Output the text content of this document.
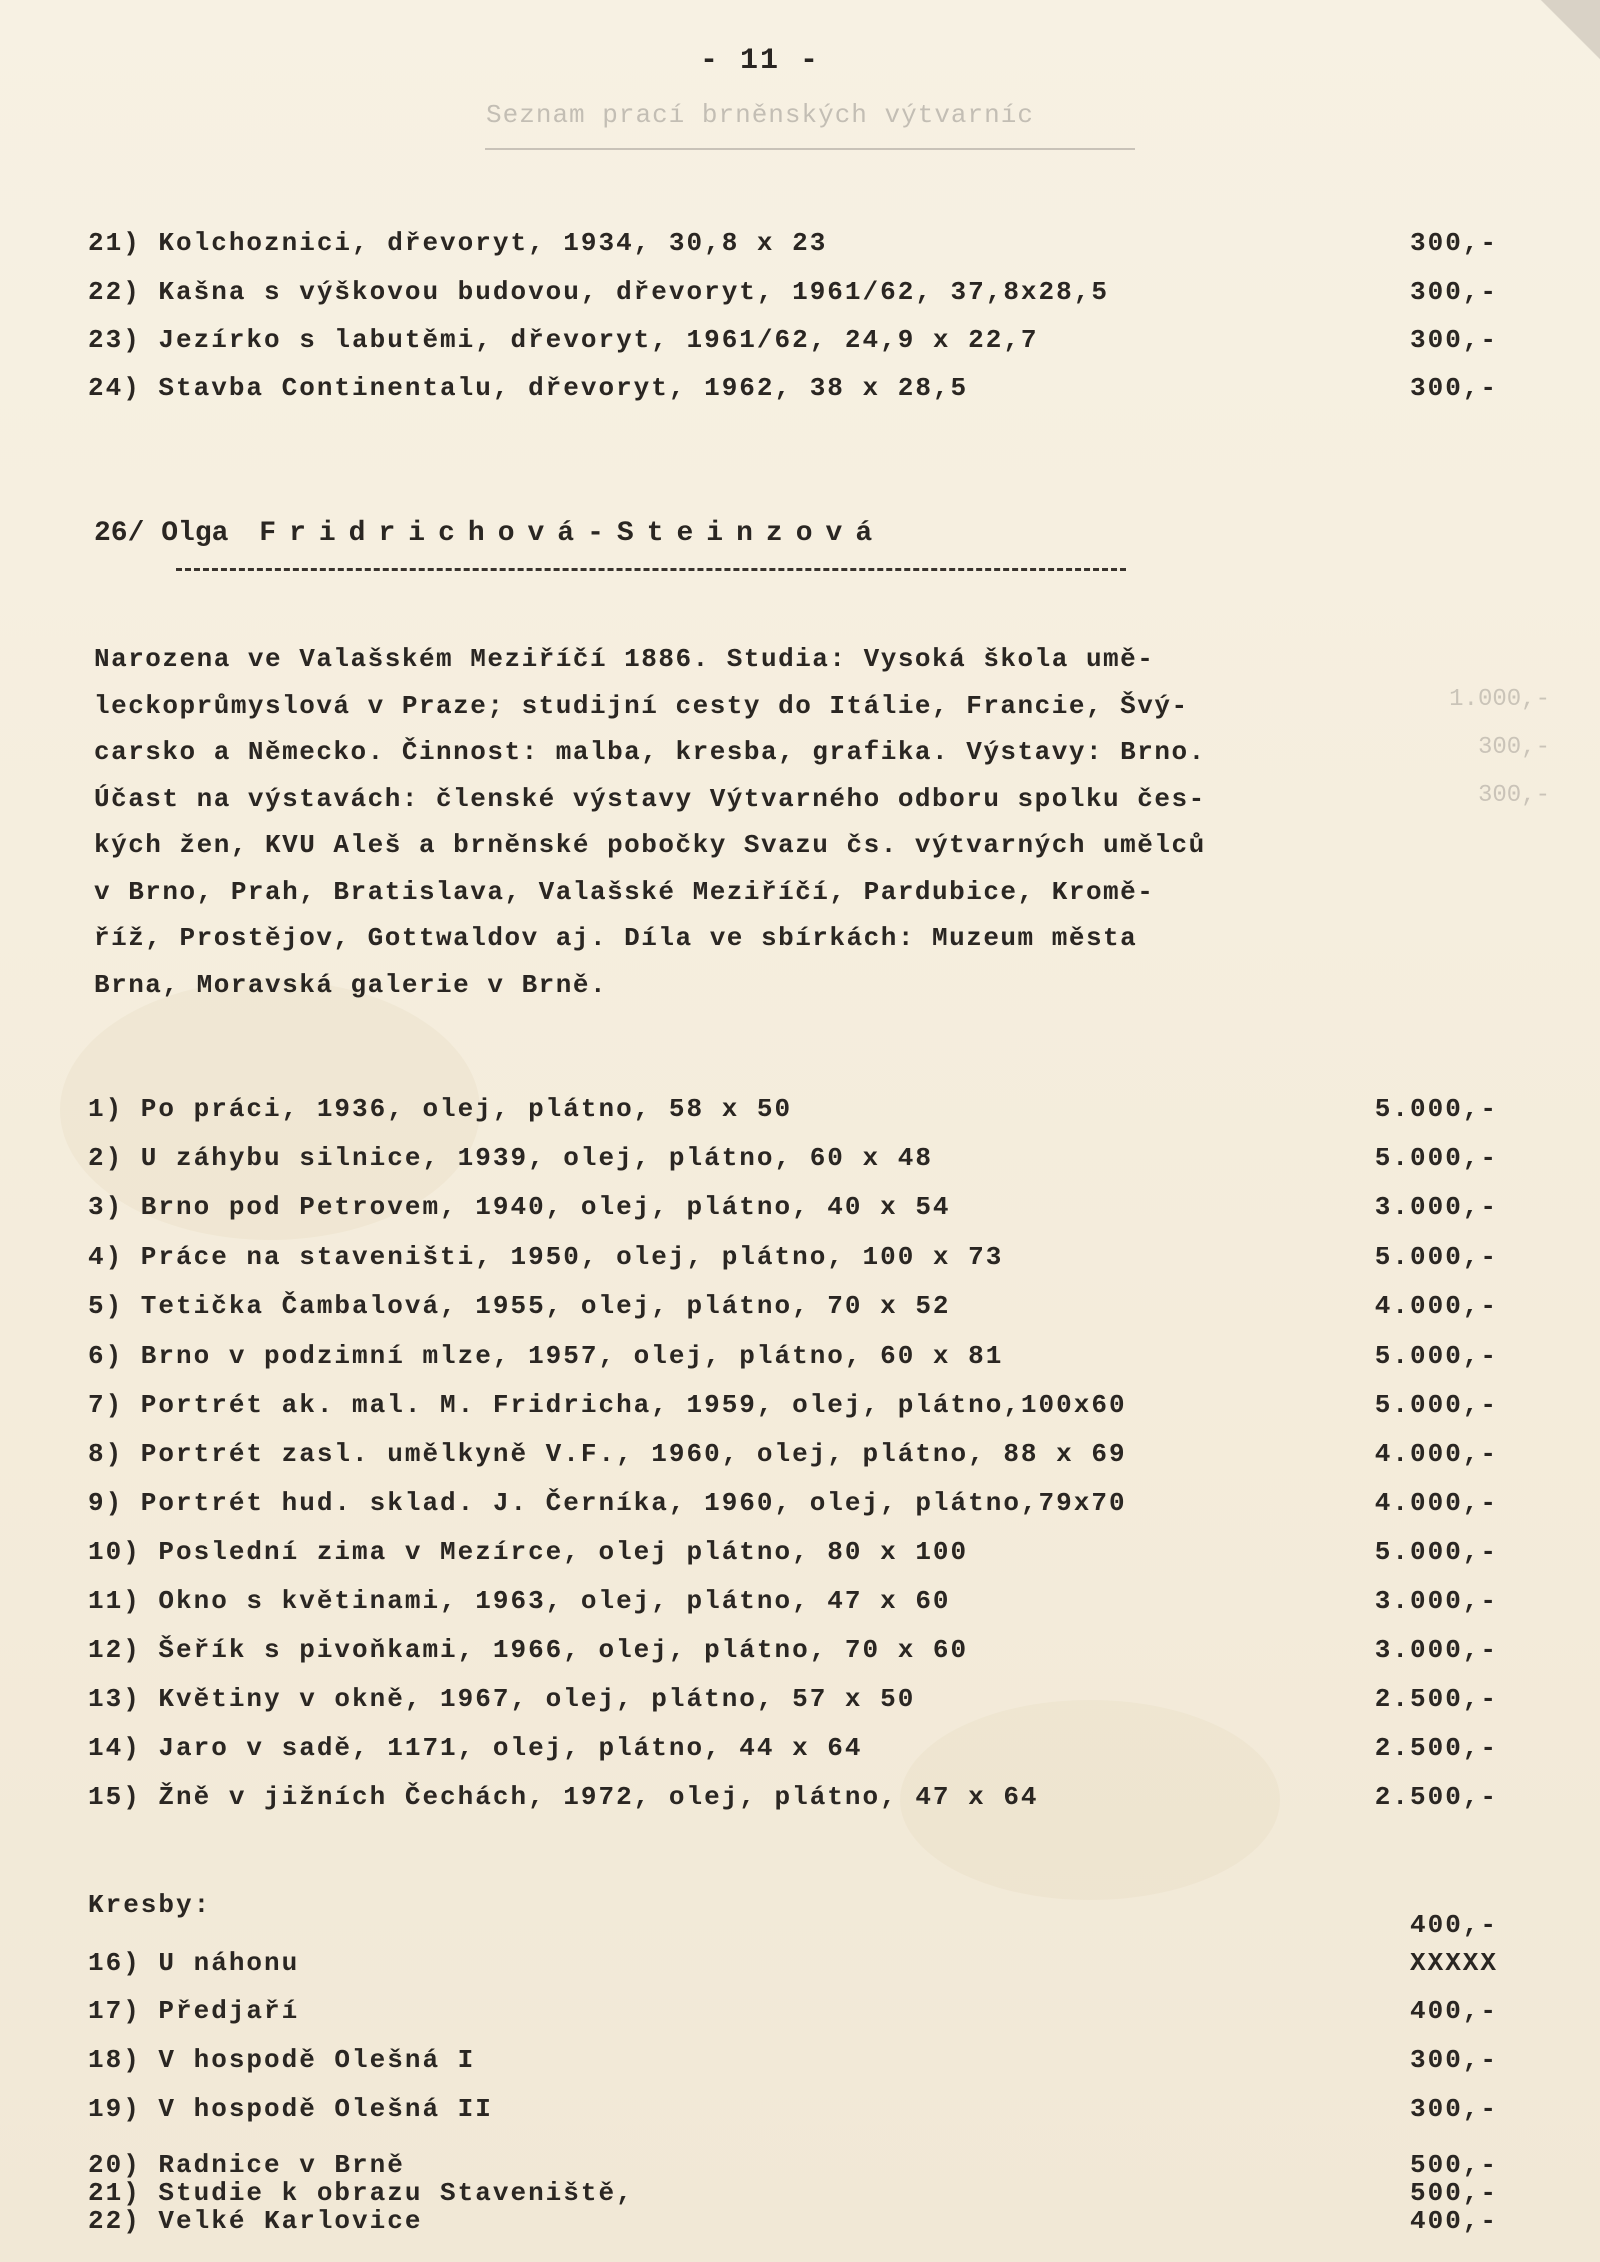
- 11 -
Seznam prací brněnských výtvarníc
21) Kolchoznici, dřevoryt, 1934, 30,8 x 23	300,-
22) Kašna s výškovou budovou, dřevoryt, 1961/62, 37,8x28,5	300,-
23) Jezírko s labutěmi, dřevoryt, 1961/62, 24,9 x 22,7	300,-
24) Stavba Continentalu, dřevoryt, 1962, 38 x 28,5	300,-
26/ Olga Fridrichová-Steinzová
Narozena ve Valašském Meziříčí 1886. Studia: Vysoká škola umě-
leckoprůmyslová v Praze; studijní cesty do Itálie, Francie, Švý-
carsko a Německo. Činnost: malba, kresba, grafika. Výstavy: Brno.
Účast na výstavách: členské výstavy Výtvarného odboru spolku čes-
kých žen, KVU Aleš a brněnské pobočky Svazu čs. výtvarných umělců
v Brno, Prah, Bratislava, Valašské Meziříčí, Pardubice, Kromě-
říž, Prostějov, Gottwaldov aj. Díla ve sbírkách: Muzeum města
Brna, Moravská galerie v Brně.
1.000,-
300,-
300,-
1) Po práci, 1936, olej, plátno, 58 x 50	5.000,-
2) U záhybu silnice, 1939, olej, plátno, 60 x 48	5.000,-
3) Brno pod Petrovem, 1940, olej, plátno, 40 x 54	3.000,-
4) Práce na staveništi, 1950, olej, plátno, 100 x 73	5.000,-
5) Tetička Čambalová, 1955, olej, plátno, 70 x 52	4.000,-
6) Brno v podzimní mlze, 1957, olej, plátno, 60 x 81	5.000,-
7) Portrét ak. mal. M. Fridricha, 1959, olej, plátno,100x60	5.000,-
8) Portrét zasl. umělkyně V.F., 1960, olej, plátno, 88 x 69	4.000,-
9) Portrét hud. sklad. J. Černíka, 1960, olej, plátno,79x70	4.000,-
10) Poslední zima v Mezírce, olej plátno, 80 x 100	5.000,-
11) Okno s květinami, 1963, olej, plátno, 47 x 60	3.000,-
12) Šeřík s pivoňkami, 1966, olej, plátno, 70 x 60	3.000,-
13) Květiny v okně, 1967, olej, plátno, 57 x 50	2.500,-
14) Jaro v sadě, 1171, olej, plátno, 44 x 64	2.500,-
15) Žně v jižních Čechách, 1972, olej, plátno, 47 x 64	2.500,-
Kresby:
400,-
16) U náhonu	XXXXX
17) Předjaří	400,-
18) V hospodě Olešná I	300,-
19) V hospodě Olešná II	300,-
20) Radnice v Brně	500,-
21) Studie k obrazu Staveniště,	500,-
22) Velké Karlovice	400,-
